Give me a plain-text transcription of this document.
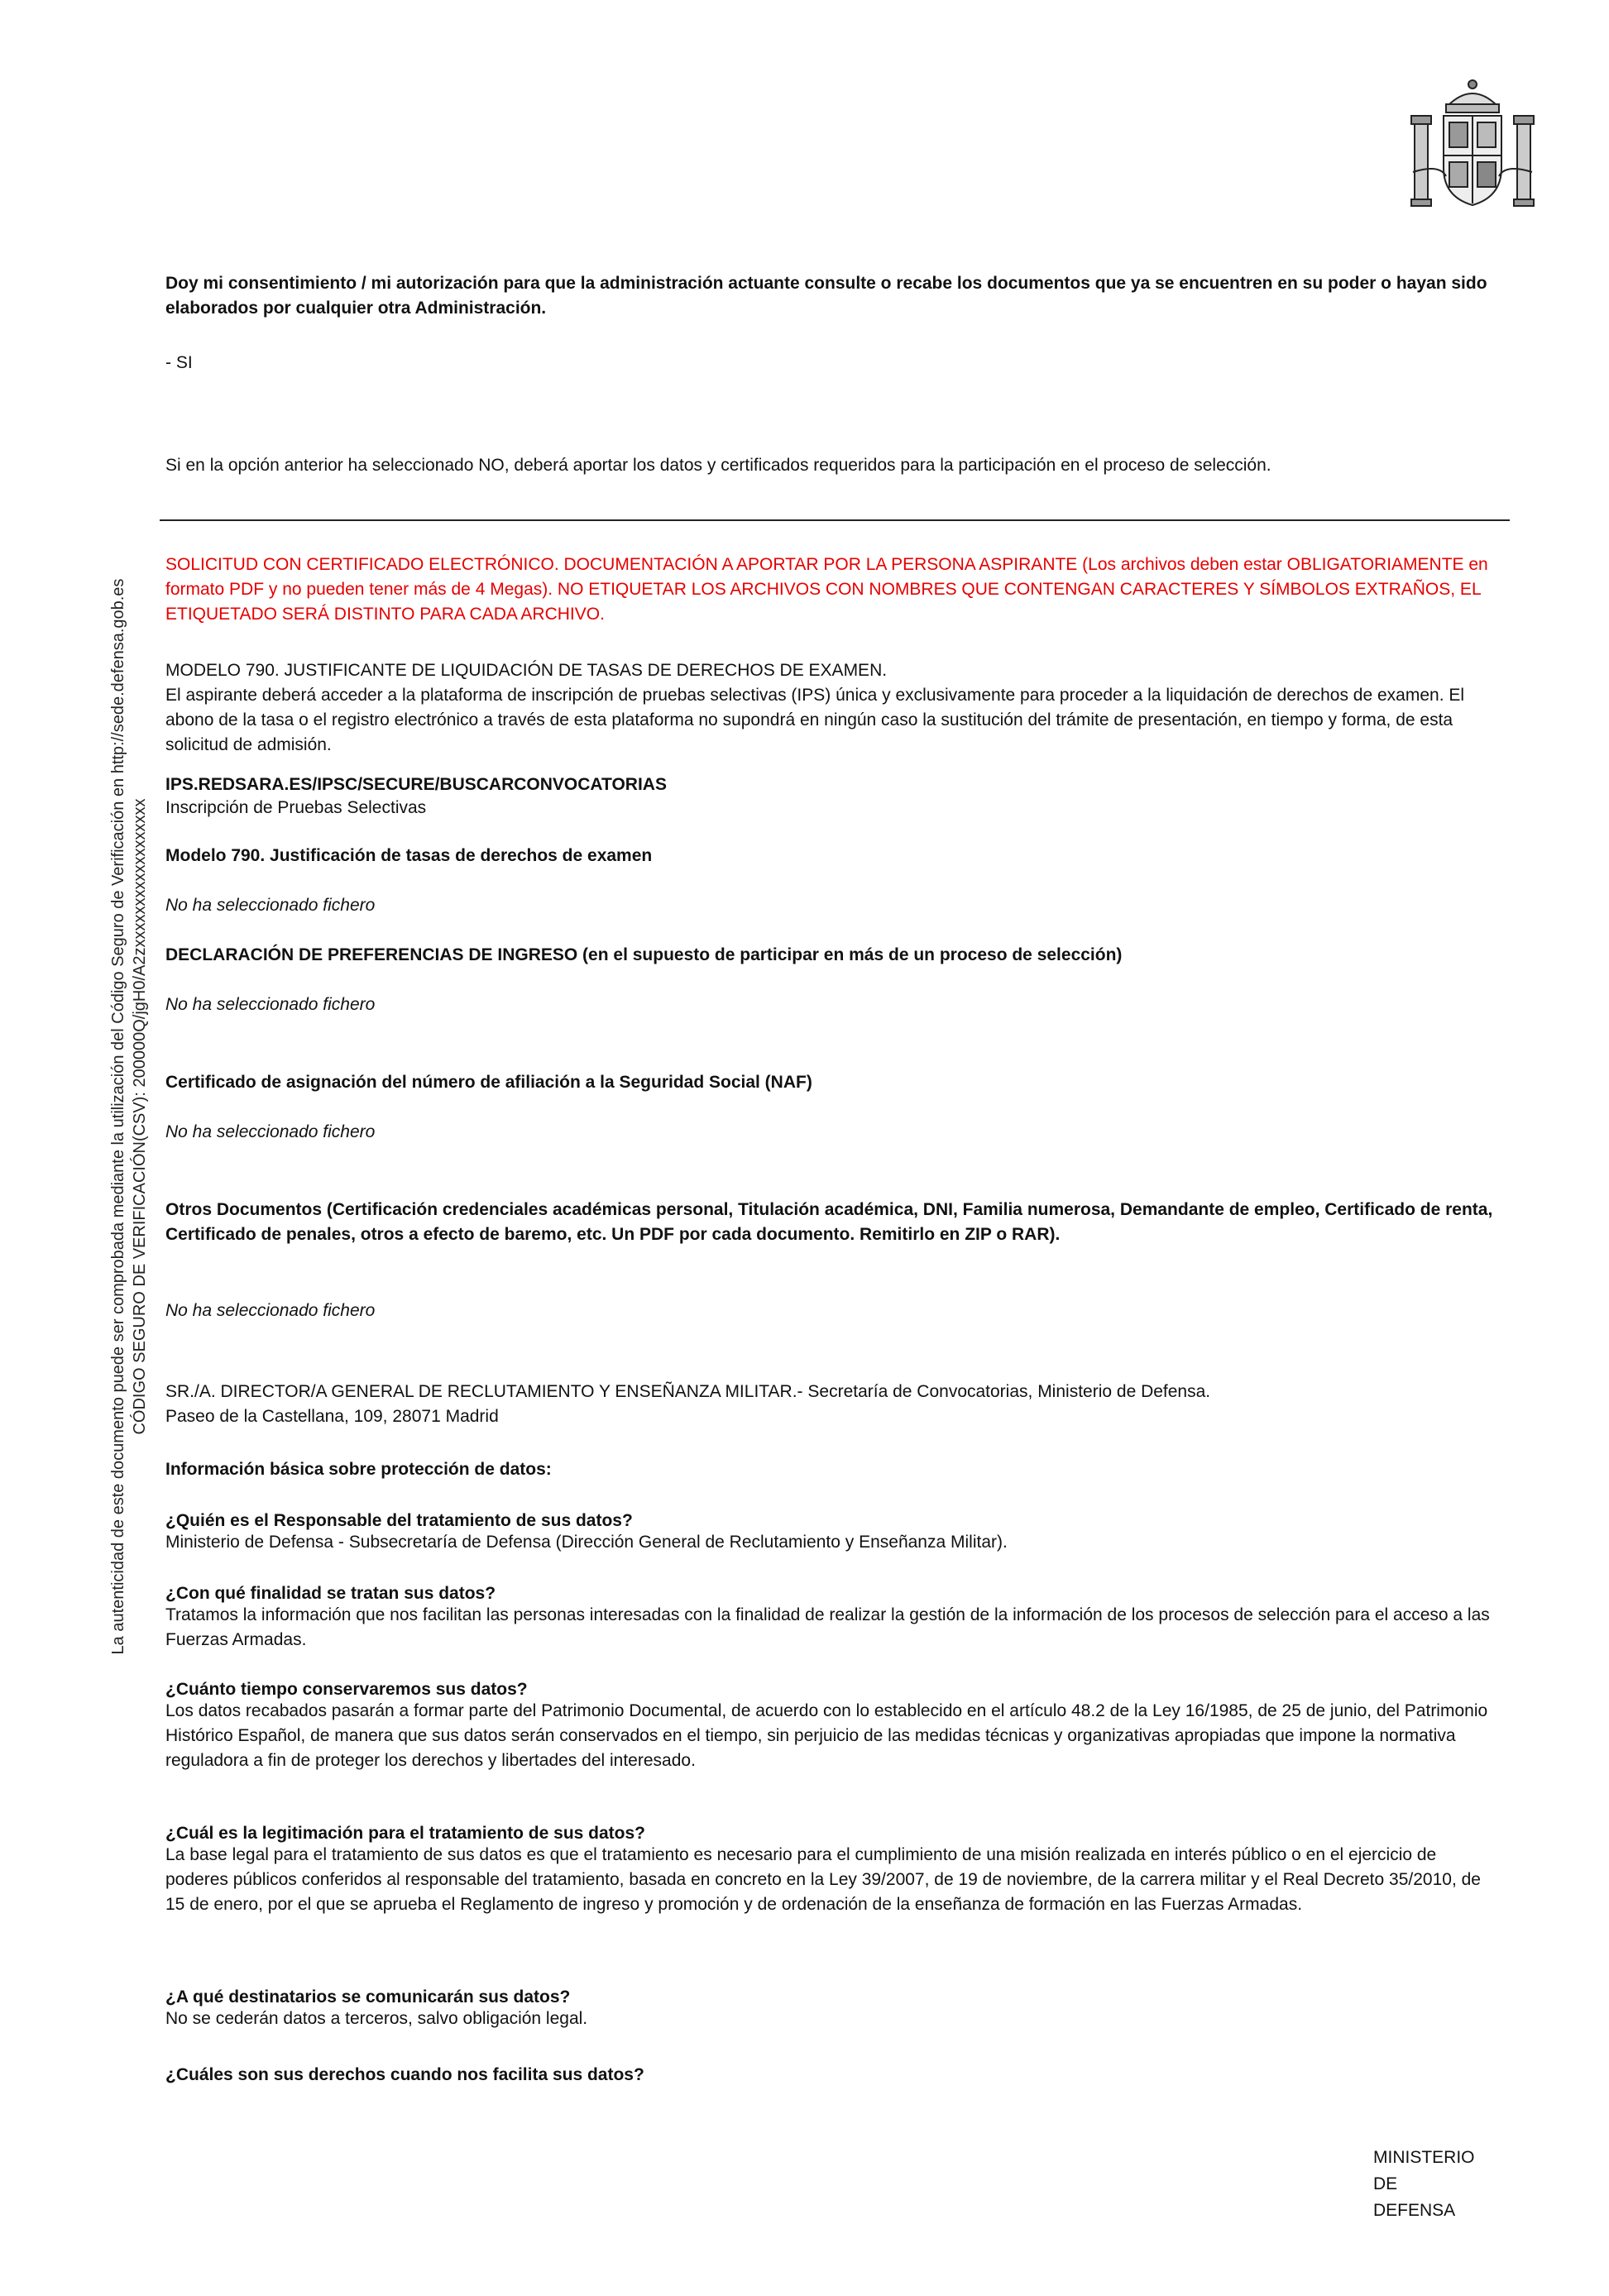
La autenticidad de este documento puede ser comprobada mediante la utilización del Código Seguro de Verificación en http://sede.defensa.gob.es CÓDIGO SEGURO DE VERIFICACIÓN(CSV): 200000Q/jgH0/A2zxxxxxxxxxxxxxxxxxx
Doy mi consentimiento / mi autorización para que la administración actuante consulte o recabe los documentos que ya se encuentren en su poder o hayan sido elaborados por cualquier otra Administración.
- SI
Si en la opción anterior ha seleccionado NO, deberá aportar los datos y certificados requeridos para la participación en el proceso de selección.
SOLICITUD CON CERTIFICADO ELECTRÓNICO. DOCUMENTACIÓN A APORTAR POR LA PERSONA ASPIRANTE (Los archivos deben estar OBLIGATORIAMENTE en formato PDF y no pueden tener más de 4 Megas). NO ETIQUETAR LOS ARCHIVOS CON NOMBRES QUE CONTENGAN CARACTERES Y SÍMBOLOS EXTRAÑOS, EL ETIQUETADO SERÁ DISTINTO PARA CADA ARCHIVO.
MODELO 790. JUSTIFICANTE DE LIQUIDACIÓN DE TASAS DE DERECHOS DE EXAMEN.
El aspirante deberá acceder a la plataforma de inscripción de pruebas selectivas (IPS) única y exclusivamente para proceder a la liquidación de derechos de examen. El abono de la tasa o el registro electrónico a través de esta plataforma no supondrá en ningún caso la sustitución del trámite de presentación, en tiempo y forma, de esta solicitud de admisión.
IPS.REDSARA.ES/IPSC/SECURE/BUSCARCONVOCATORIAS
Inscripción de Pruebas Selectivas
Modelo 790. Justificación de tasas de derechos de examen
No ha seleccionado fichero
DECLARACIÓN DE PREFERENCIAS DE INGRESO (en el supuesto de participar en más de un proceso de selección)
No ha seleccionado fichero
Certificado de asignación del número de afiliación a la Seguridad Social (NAF)
No ha seleccionado fichero
Otros Documentos (Certificación credenciales académicas personal, Titulación académica, DNI, Familia numerosa, Demandante de empleo, Certificado de renta, Certificado de penales, otros a efecto de baremo, etc. Un PDF por cada documento. Remitirlo en ZIP o RAR).
No ha seleccionado fichero
SR./A. DIRECTOR/A GENERAL DE RECLUTAMIENTO Y ENSEÑANZA MILITAR.- Secretaría de Convocatorias, Ministerio de Defensa.
Paseo de la Castellana, 109, 28071 Madrid
Información básica sobre protección de datos:
¿Quién es el Responsable del tratamiento de sus datos?
Ministerio de Defensa - Subsecretaría de Defensa (Dirección General de Reclutamiento y Enseñanza Militar).
¿Con qué finalidad se tratan sus datos?
Tratamos la información que nos facilitan las personas interesadas con la finalidad de realizar la gestión de la información de los procesos de selección para el acceso a las Fuerzas Armadas.
¿Cuánto tiempo conservaremos sus datos?
Los datos recabados pasarán a formar parte del Patrimonio Documental, de acuerdo con lo establecido en el artículo 48.2 de la Ley 16/1985, de 25 de junio, del Patrimonio Histórico Español, de manera que sus datos serán conservados en el tiempo, sin perjuicio de las medidas técnicas y organizativas apropiadas que impone la normativa reguladora a fin de proteger los derechos y libertades del interesado.
¿Cuál es la legitimación para el tratamiento de sus datos?
La base legal para el tratamiento de sus datos es que el tratamiento es necesario para el cumplimiento de una misión realizada en interés público o en el ejercicio de poderes públicos conferidos al responsable del tratamiento, basada en concreto en la Ley 39/2007, de 19 de noviembre, de la carrera militar y el Real Decreto 35/2010, de 15 de enero, por el que se aprueba el Reglamento de ingreso y promoción y de ordenación de la enseñanza de formación en las Fuerzas Armadas.
¿A qué destinatarios se comunicarán sus datos?
No se cederán datos a terceros, salvo obligación legal.
¿Cuáles son sus derechos cuando nos facilita sus datos?
MINISTERIO
DE
DEFENSA
